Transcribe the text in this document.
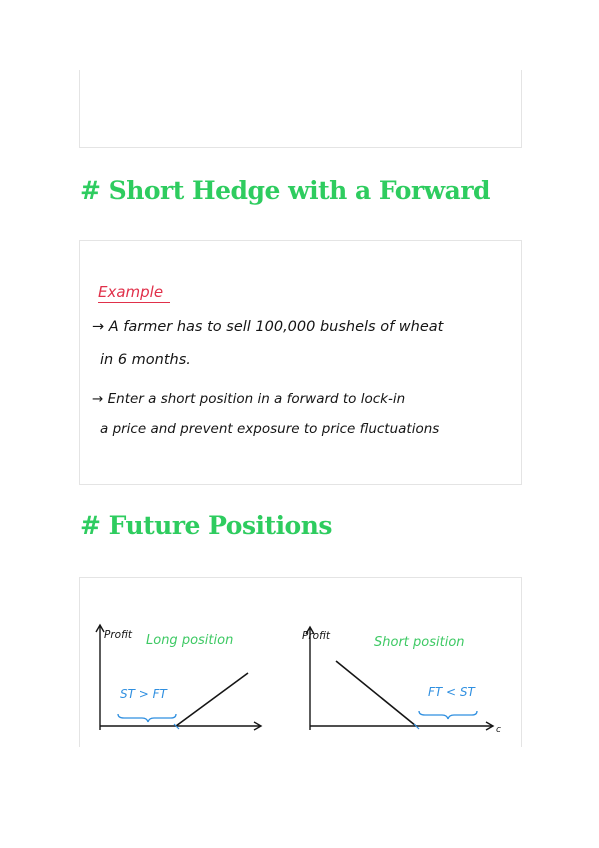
# Short Hedge with a Forward
Example
→ A farmer has to sell 100,000 bushels of wheat
in 6 months.
→ Enter a short position in a forward to lock-in
a price and prevent exposure to price fluctuations
# Future Positions
Profit Long position
ST > FT
Profit	Short position
FT < ST
c
